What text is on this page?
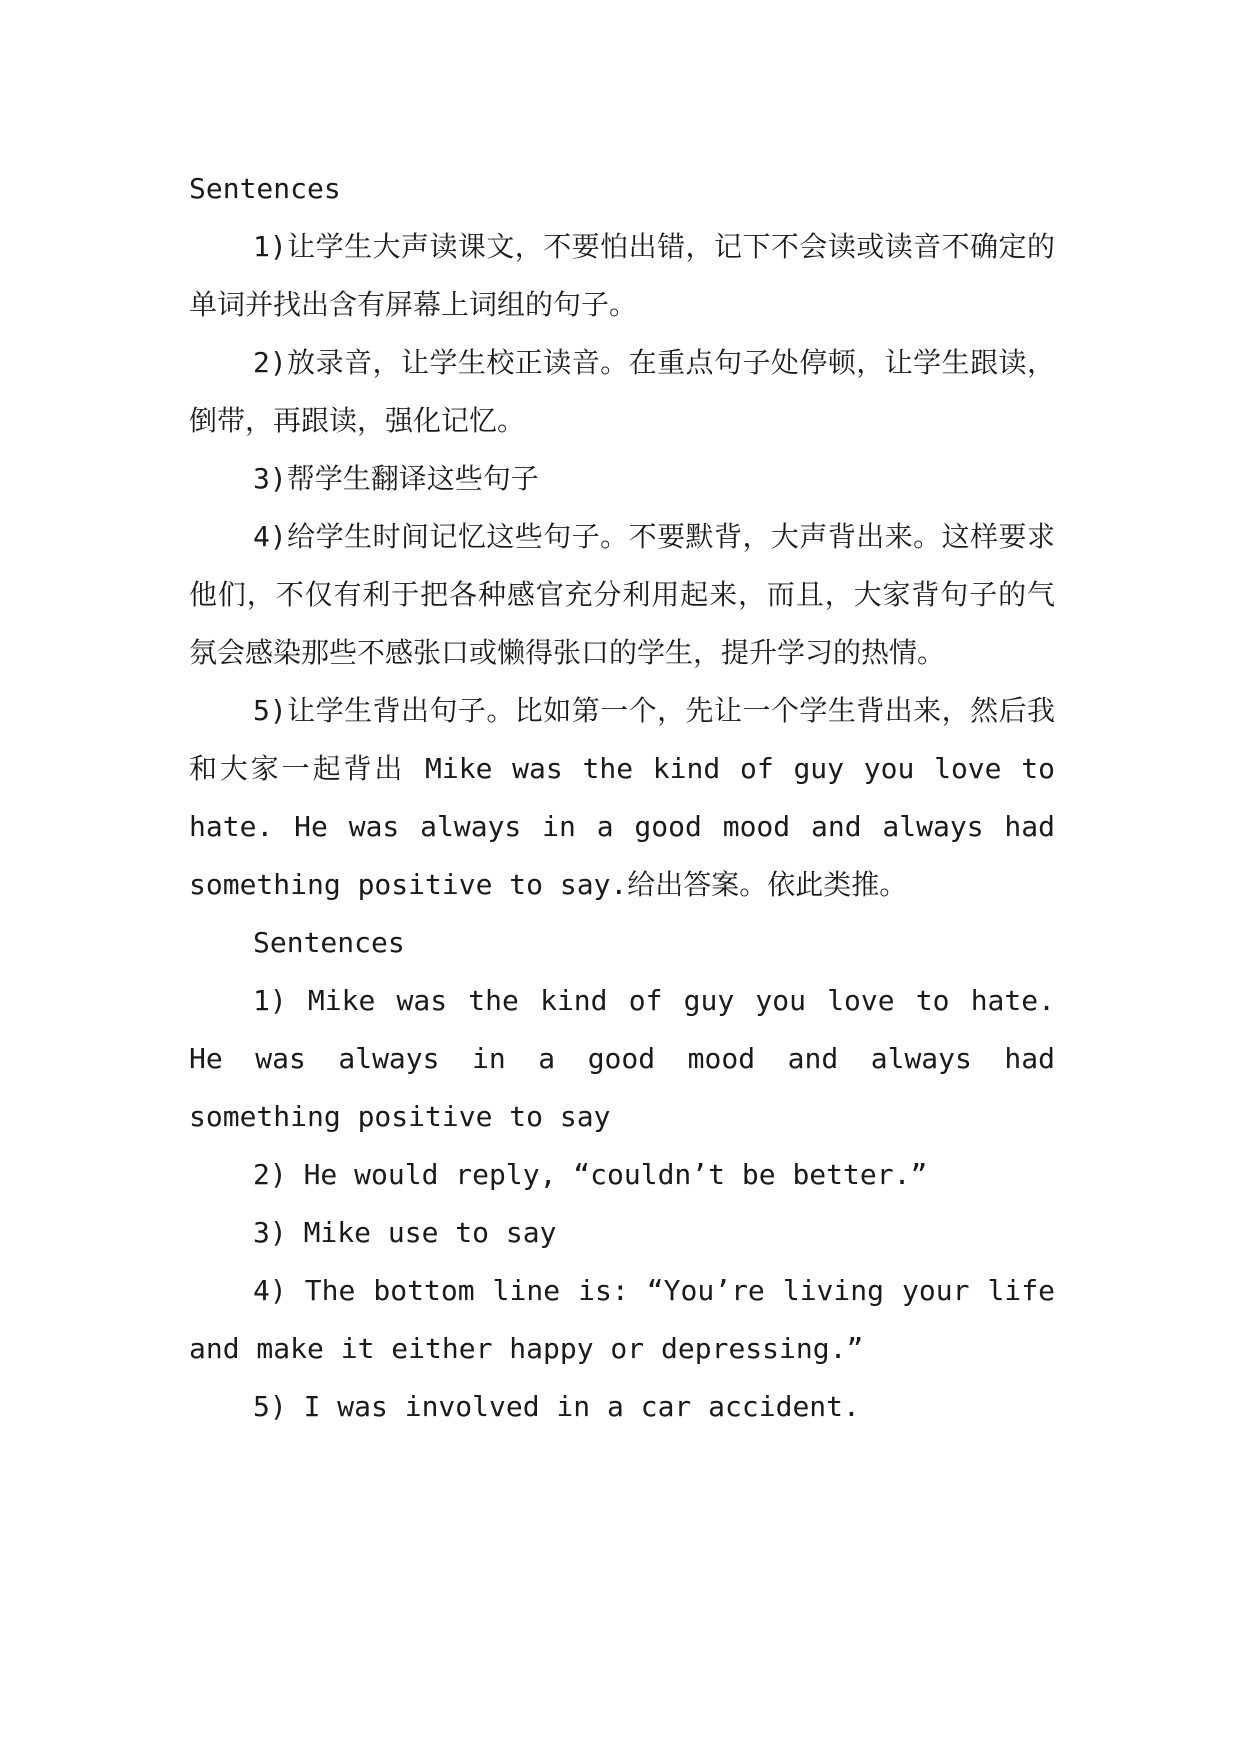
Sentences

1)让学生大声读课文，不要怕出错，记下不会读或读音不确定的单词并找出含有屏幕上词组的句子。

2)放录音，让学生校正读音。在重点句子处停顿，让学生跟读，倒带，再跟读，强化记忆。

3)帮学生翻译这些句子

4)给学生时间记忆这些句子。不要默背，大声背出来。这样要求他们，不仅有利于把各种感官充分利用起来，而且，大家背句子的气氛会感染那些不感张口或懒得张口的学生，提升学习的热情。

5)让学生背出句子。比如第一个，先让一个学生背出来，然后我和大家一起背出 Mike was the kind of guy you love to hate. He was always in a good mood and always had something positive to say.给出答案。依此类推。

Sentences

1) Mike was the kind of guy you love to hate. He was always in a good mood and always had something positive to say

2) He would reply, “couldn’t be better.”

3) Mike use to say

4) The bottom line is: “You’re living your life and make it either happy or depressing.”

5) I was involved in a car accident.
